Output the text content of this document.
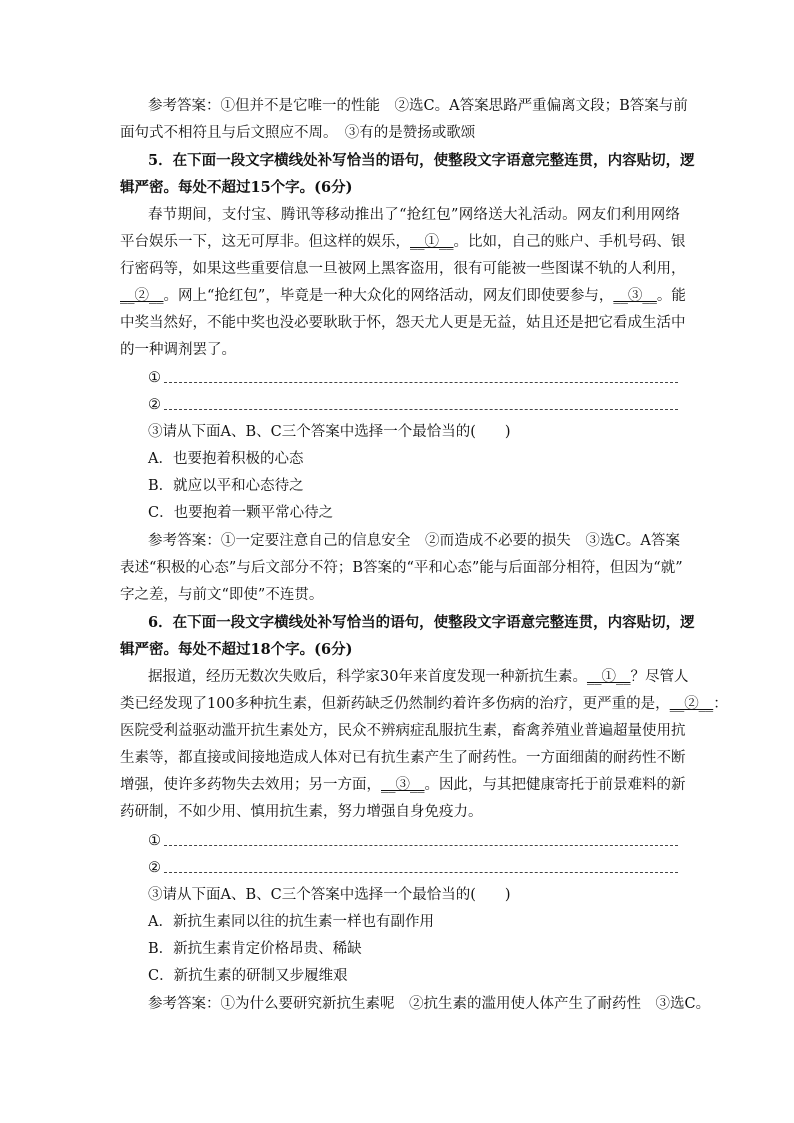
参考答案：①但并不是它唯一的性能　②选C。A答案思路严重偏离文段；B答案与前
面句式不相符且与后文照应不周。　③有的是赞扬或歌颂
5．在下面一段文字横线处补写恰当的语句，使整段文字语意完整连贯，内容贴切，逻
辑严密。每处不超过15个字。(6分)
春节期间，支付宝、腾讯等移动推出了“抢红包”网络送大礼活动。网友们利用网络
平台娱乐一下，这无可厚非。但这样的娱乐，__①__。比如，自己的账户、手机号码、银
行密码等，如果这些重要信息一旦被网上黑客盗用，很有可能被一些图谋不轨的人利用，
__②__。网上“抢红包”，毕竟是一种大众化的网络活动，网友们即使要参与，__③__。能
中奖当然好，不能中奖也没必要耿耿于怀，怨天尤人更是无益，姑且还是把它看成生活中
的一种调剂罢了。
①
②
③请从下面A、B、C三个答案中选择一个最恰当的(　　)
A．也要抱着积极的心态
B．就应以平和心态待之
C．也要抱着一颗平常心待之
参考答案：①一定要注意自己的信息安全　②而造成不必要的损失　③选C。A答案
表述“积极的心态”与后文部分不符；B答案的“平和心态”能与后面部分相符，但因为“就”
字之差，与前文“即使”不连贯。
6．在下面一段文字横线处补写恰当的语句，使整段文字语意完整连贯，内容贴切，逻
辑严密。每处不超过18个字。(6分)
据报道，经历无数次失败后，科学家30年来首度发现一种新抗生素。__①__？尽管人
类已经发现了100多种抗生素，但新药缺乏仍然制约着许多伤病的治疗，更严重的是，__②__：
医院受利益驱动滥开抗生素处方，民众不辨病症乱服抗生素，畜禽养殖业普遍超量使用抗
生素等，都直接或间接地造成人体对已有抗生素产生了耐药性。一方面细菌的耐药性不断
增强，使许多药物失去效用；另一方面，__③__。因此，与其把健康寄托于前景难料的新
药研制，不如少用、慎用抗生素，努力增强自身免疫力。
①
②
③请从下面A、B、C三个答案中选择一个最恰当的(　　)
A．新抗生素同以往的抗生素一样也有副作用
B．新抗生素肯定价格昂贵、稀缺
C．新抗生素的研制又步履维艰
参考答案：①为什么要研究新抗生素呢　②抗生素的滥用使人体产生了耐药性　③选C。
